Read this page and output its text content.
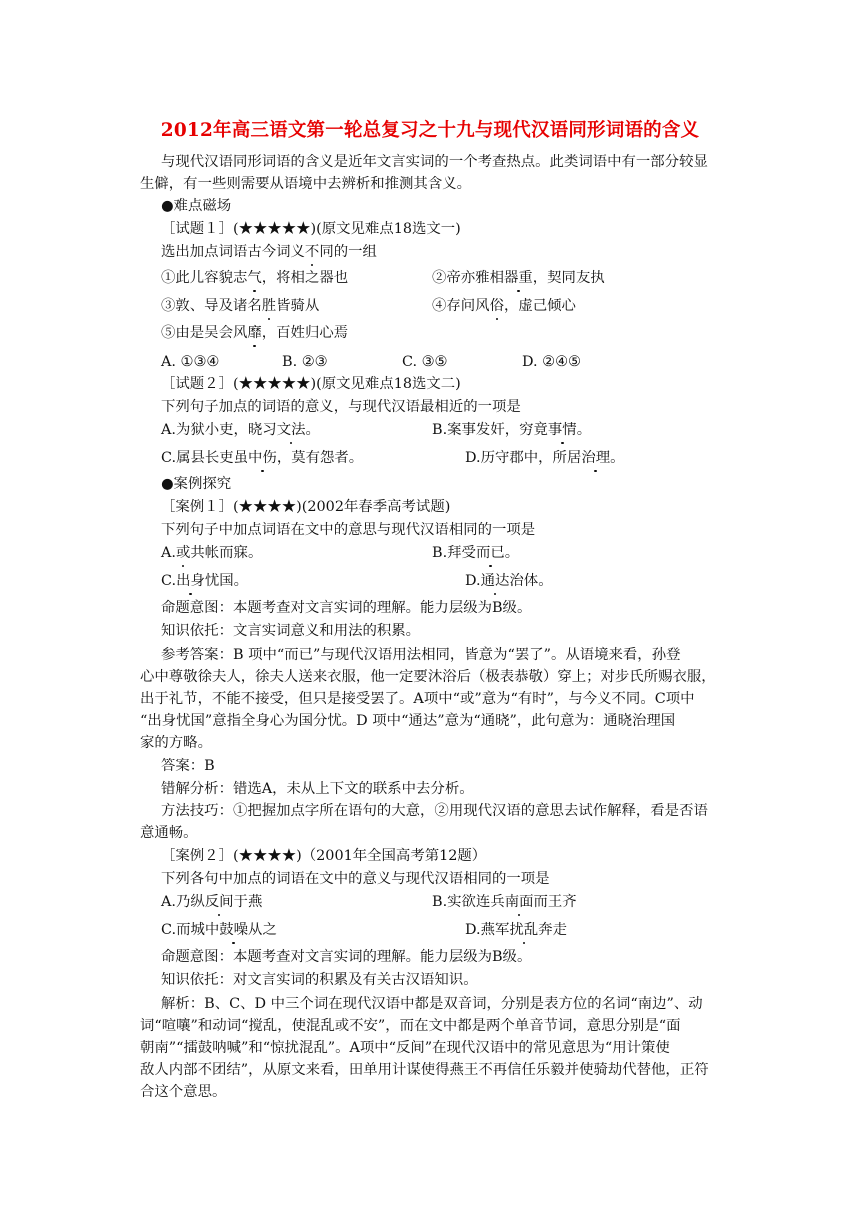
2012年高三语文第一轮总复习之十九与现代汉语同形词语的含义
与现代汉语同形词语的含义是近年文言实词的一个考查热点。此类词语中有一部分较显
生僻，有一些则需要从语境中去辨析和推测其含义。
●难点磁场
［试题１］(★★★★★)(原文见难点18选文一)
选出加点词语古今词义不同的一组
①此儿容貌志气，将相之器也	②帝亦雅相器重，契同友执
③敦、导及诸名胜皆骑从	④存问风俗，虚己倾心
⑤由是吴会风靡，百姓归心焉
A. ①③④	B. ②③	C. ③⑤	D. ②④⑤
［试题２］(★★★★★)(原文见难点18选文二)
下列句子加点的词语的意义，与现代汉语最相近的一项是
A.为狱小吏，晓习文法。	B.案事发奸，穷竟事情。
C.属县长吏虽中伤，莫有怨者。	D.历守郡中，所居治理。
●案例探究
［案例１］(★★★★)(2002年春季高考试题)
下列句子中加点词语在文中的意思与现代汉语相同的一项是
A.或共帐而寐。	B.拜受而已。
C.出身忧国。	D.通达治体。
命题意图：本题考查对文言实词的理解。能力层级为B级。
知识依托：文言实词意义和用法的积累。
参考答案：B 项中“而已”与现代汉语用法相同，皆意为“罢了”。从语境来看，孙登
心中尊敬徐夫人，徐夫人送来衣服，他一定要沐浴后（极表恭敬）穿上；对步氏所赐衣服，
出于礼节，不能不接受，但只是接受罢了。A项中“或”意为“有时”，与今义不同。C项中
“出身忧国”意指全身心为国分忧。D 项中“通达”意为“通晓”，此句意为：通晓治理国
家的方略。
答案：B
错解分析：错选A，未从上下文的联系中去分析。
方法技巧：①把握加点字所在语句的大意，②用现代汉语的意思去试作解释，看是否语
意通畅。
［案例２］(★★★★)（2001年全国高考第12题）
下列各句中加点的词语在文中的意义与现代汉语相同的一项是
A.乃纵反间于燕	B.实欲连兵南面而王齐
C.而城中鼓噪从之	D.燕军扰乱奔走
命题意图：本题考查对文言实词的理解。能力层级为B级。
知识依托：对文言实词的积累及有关古汉语知识。
解析：B、C、D 中三个词在现代汉语中都是双音词，分别是表方位的名词“南边”、动
词“喧嚷”和动词“搅乱，使混乱或不安”，而在文中都是两个单音节词，意思分别是“面
朝南”“擂鼓呐喊”和“惊扰混乱”。A项中“反间”在现代汉语中的常见意思为“用计策使
敌人内部不团结”，从原文来看，田单用计谋使得燕王不再信任乐毅并使骑劫代替他，正符
合这个意思。
